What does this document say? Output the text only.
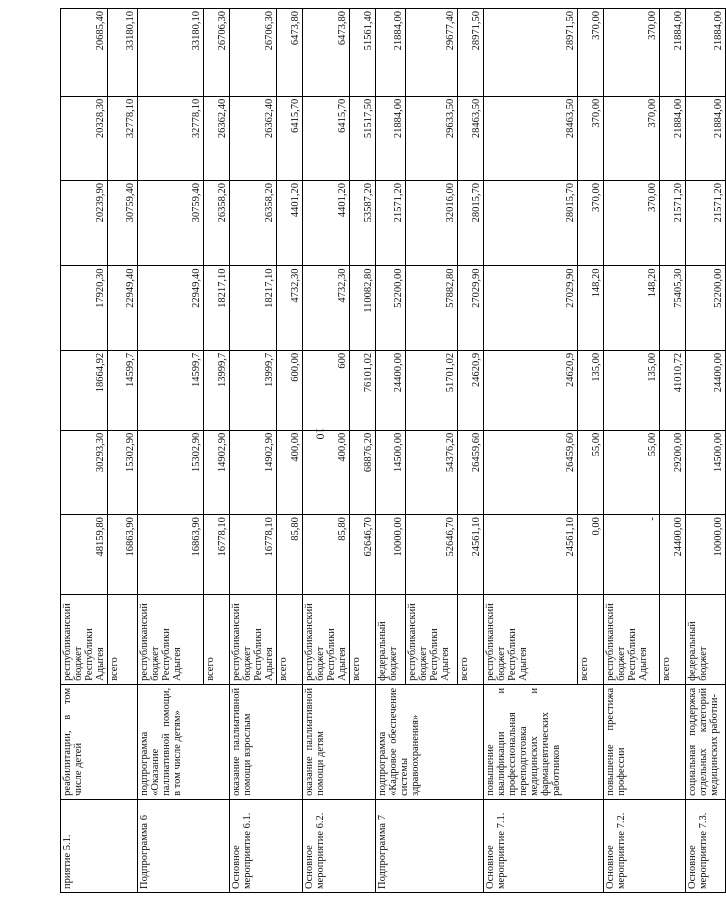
10
приятие 5.1.	реабилитации, в том числе детей	республиканский бюджет Республики Адыгея	48159,80	30293,30	18664,92	17920,30	20239,90	20328,30	20685,40
		всего	16863,90	15302,90	14599,7	22949,40	30759,40	32778,10	33180,10
Подпрограмма 6	подпрограмма «Оказание паллиативной помощи, в том числе детям»	республиканский бюджет Республики Адыгея	16863,90	15302,90	14599,7	22949,40	30759,40	32778,10	33180,10
		всего	16778,10	14902,90	13999,7	18217,10	26358,20	26362,40	26706,30
Основное мероприятие 6.1.	оказание паллиативной помощи взрослым	республиканский бюджет Республики Адыгея	16778,10	14902,90	13999,7	18217,10	26358,20	26362,40	26706,30
		всего	85,80	400,00	600,00	4732,30	4401,20	6415,70	6473,80
Основное мероприятие 6.2.	оказание паллиативной помощи детям	республиканский бюджет Республики Адыгея	85,80	400,00	600	4732,30	4401,20	6415,70	6473,80
		всего	62646,70	68876,20	76101,02	110082,80	53587,20	51517,50	51561,40
Подпрограмма 7	подпрограмма «Кадровое обеспечение системы здравоохранения»	федеральный бюджет	10000,00	14500,00	24400,00	52200,00	21571,20	21884,00	21884,00
		республиканский бюджет Республики Адыгея	52646,70	54376,20	51701,02	57882,80	32016,00	29633,50	29677,40
		всего	24561,10	26459,60	24620,9	27029,90	28015,70	28463,50	28971,50
Основное мероприятие 7.1.	повышение квалификации и профессиональная переподготовка медицинских и фармацевтических работников	республиканский бюджет Республики Адыгея	24561,10	26459,60	24620,9	27029,90	28015,70	28463,50	28971,50
		всего	0,00	55,00	135,00	148,20	370,00	370,00	370,00
Основное мероприятие 7.2.	повышение престижа профессии	республиканский бюджет Республики Адыгея	-	55,00	135,00	148,20	370,00	370,00	370,00
		всего	24400,00	29200,00	41010,72	75405,30	21571,20	21884,00	21884,00
Основное мероприятие 7.3.	социальная поддержка отдельных категорий медицинских работни-	федеральный бюджет	10000,00	14500,00	24400,00	52200,00	21571,20	21884,00	21884,00
